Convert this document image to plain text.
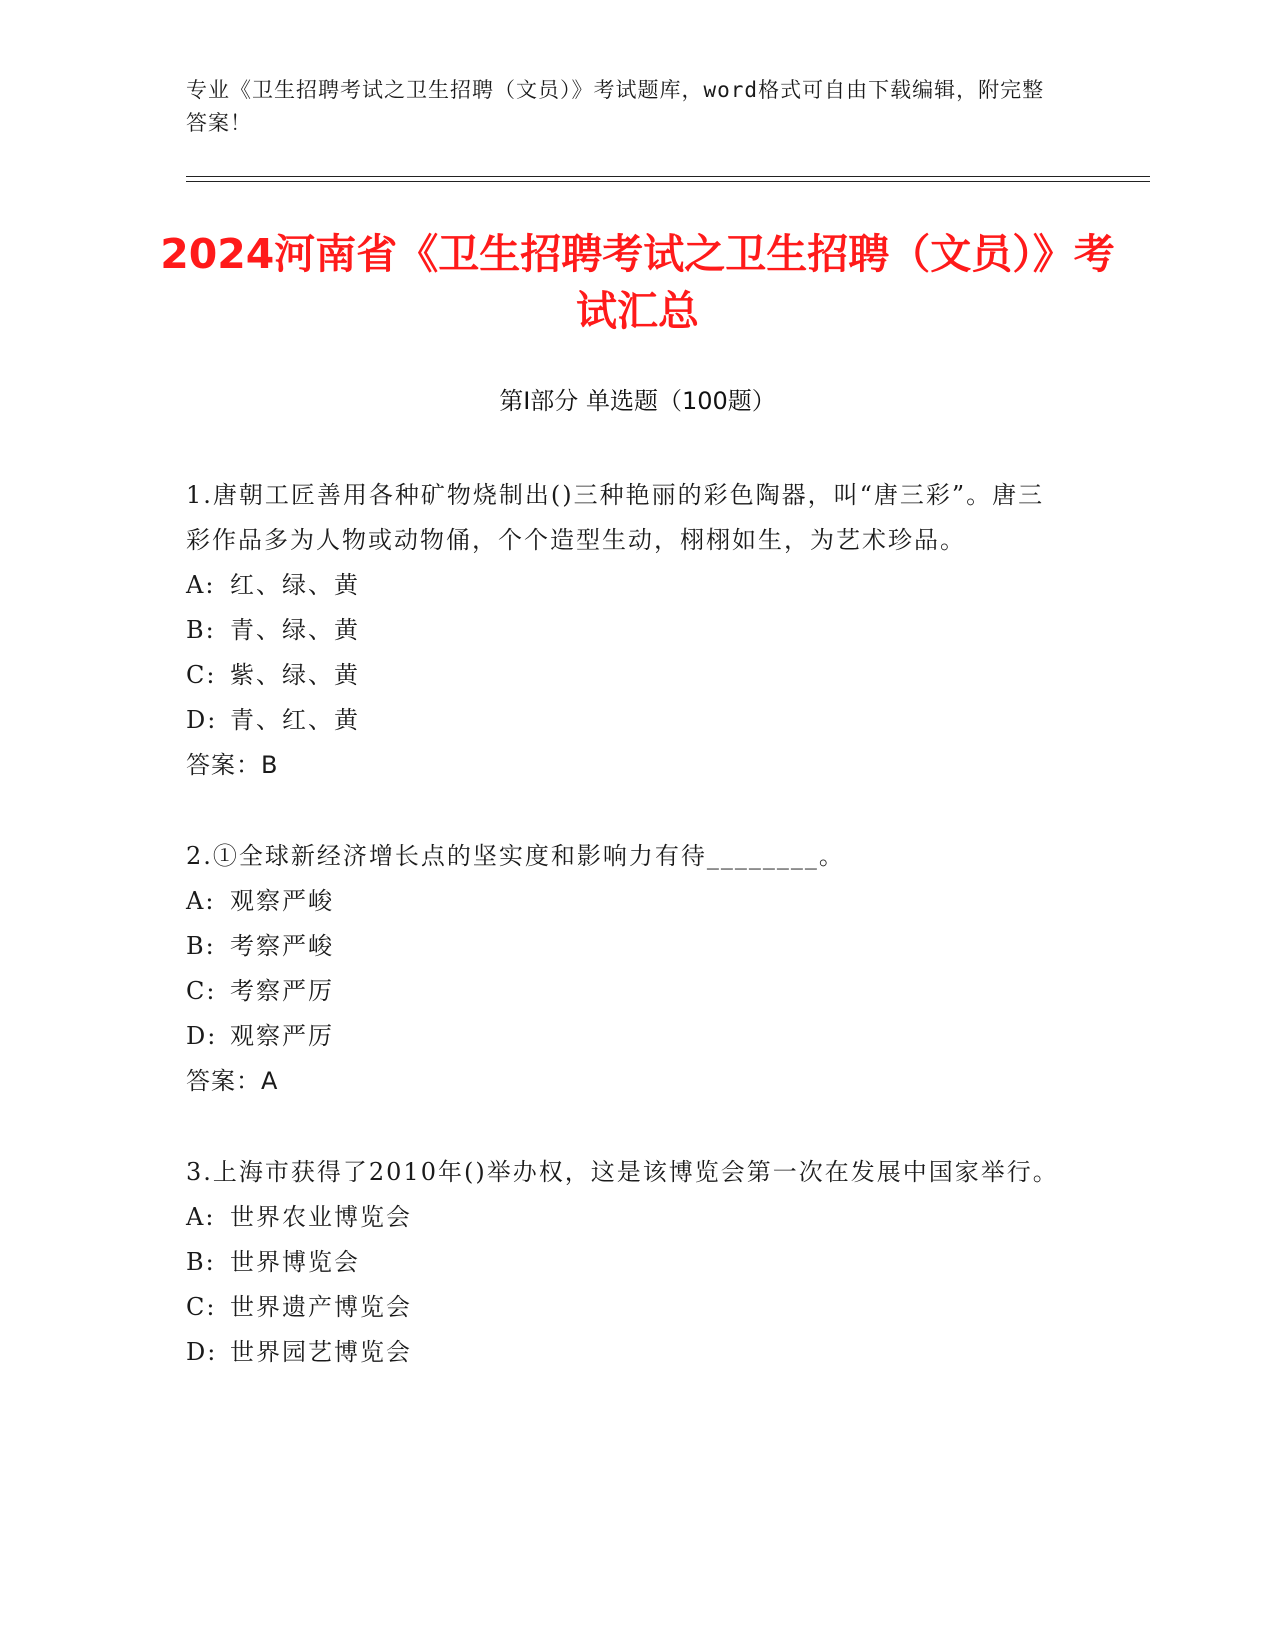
专业《卫生招聘考试之卫生招聘（文员）》考试题库，word格式可自由下载编辑，附完整答案！
2024河南省《卫生招聘考试之卫生招聘（文员）》考试汇总
第I部分 单选题（100题）
1.唐朝工匠善用各种矿物烧制出()三种艳丽的彩色陶器，叫“唐三彩”。唐三彩作品多为人物或动物俑，个个造型生动，栩栩如生，为艺术珍品。
A: 红、绿、黄
B: 青、绿、黄
C: 紫、绿、黄
D: 青、红、黄
答案：B
2.①全球新经济增长点的坚实度和影响力有待________。
A: 观察严峻
B: 考察严峻
C: 考察严厉
D: 观察严厉
答案：A
3.上海市获得了2010年()举办权，这是该博览会第一次在发展中国家举行。
A: 世界农业博览会
B: 世界博览会
C: 世界遗产博览会
D: 世界园艺博览会
